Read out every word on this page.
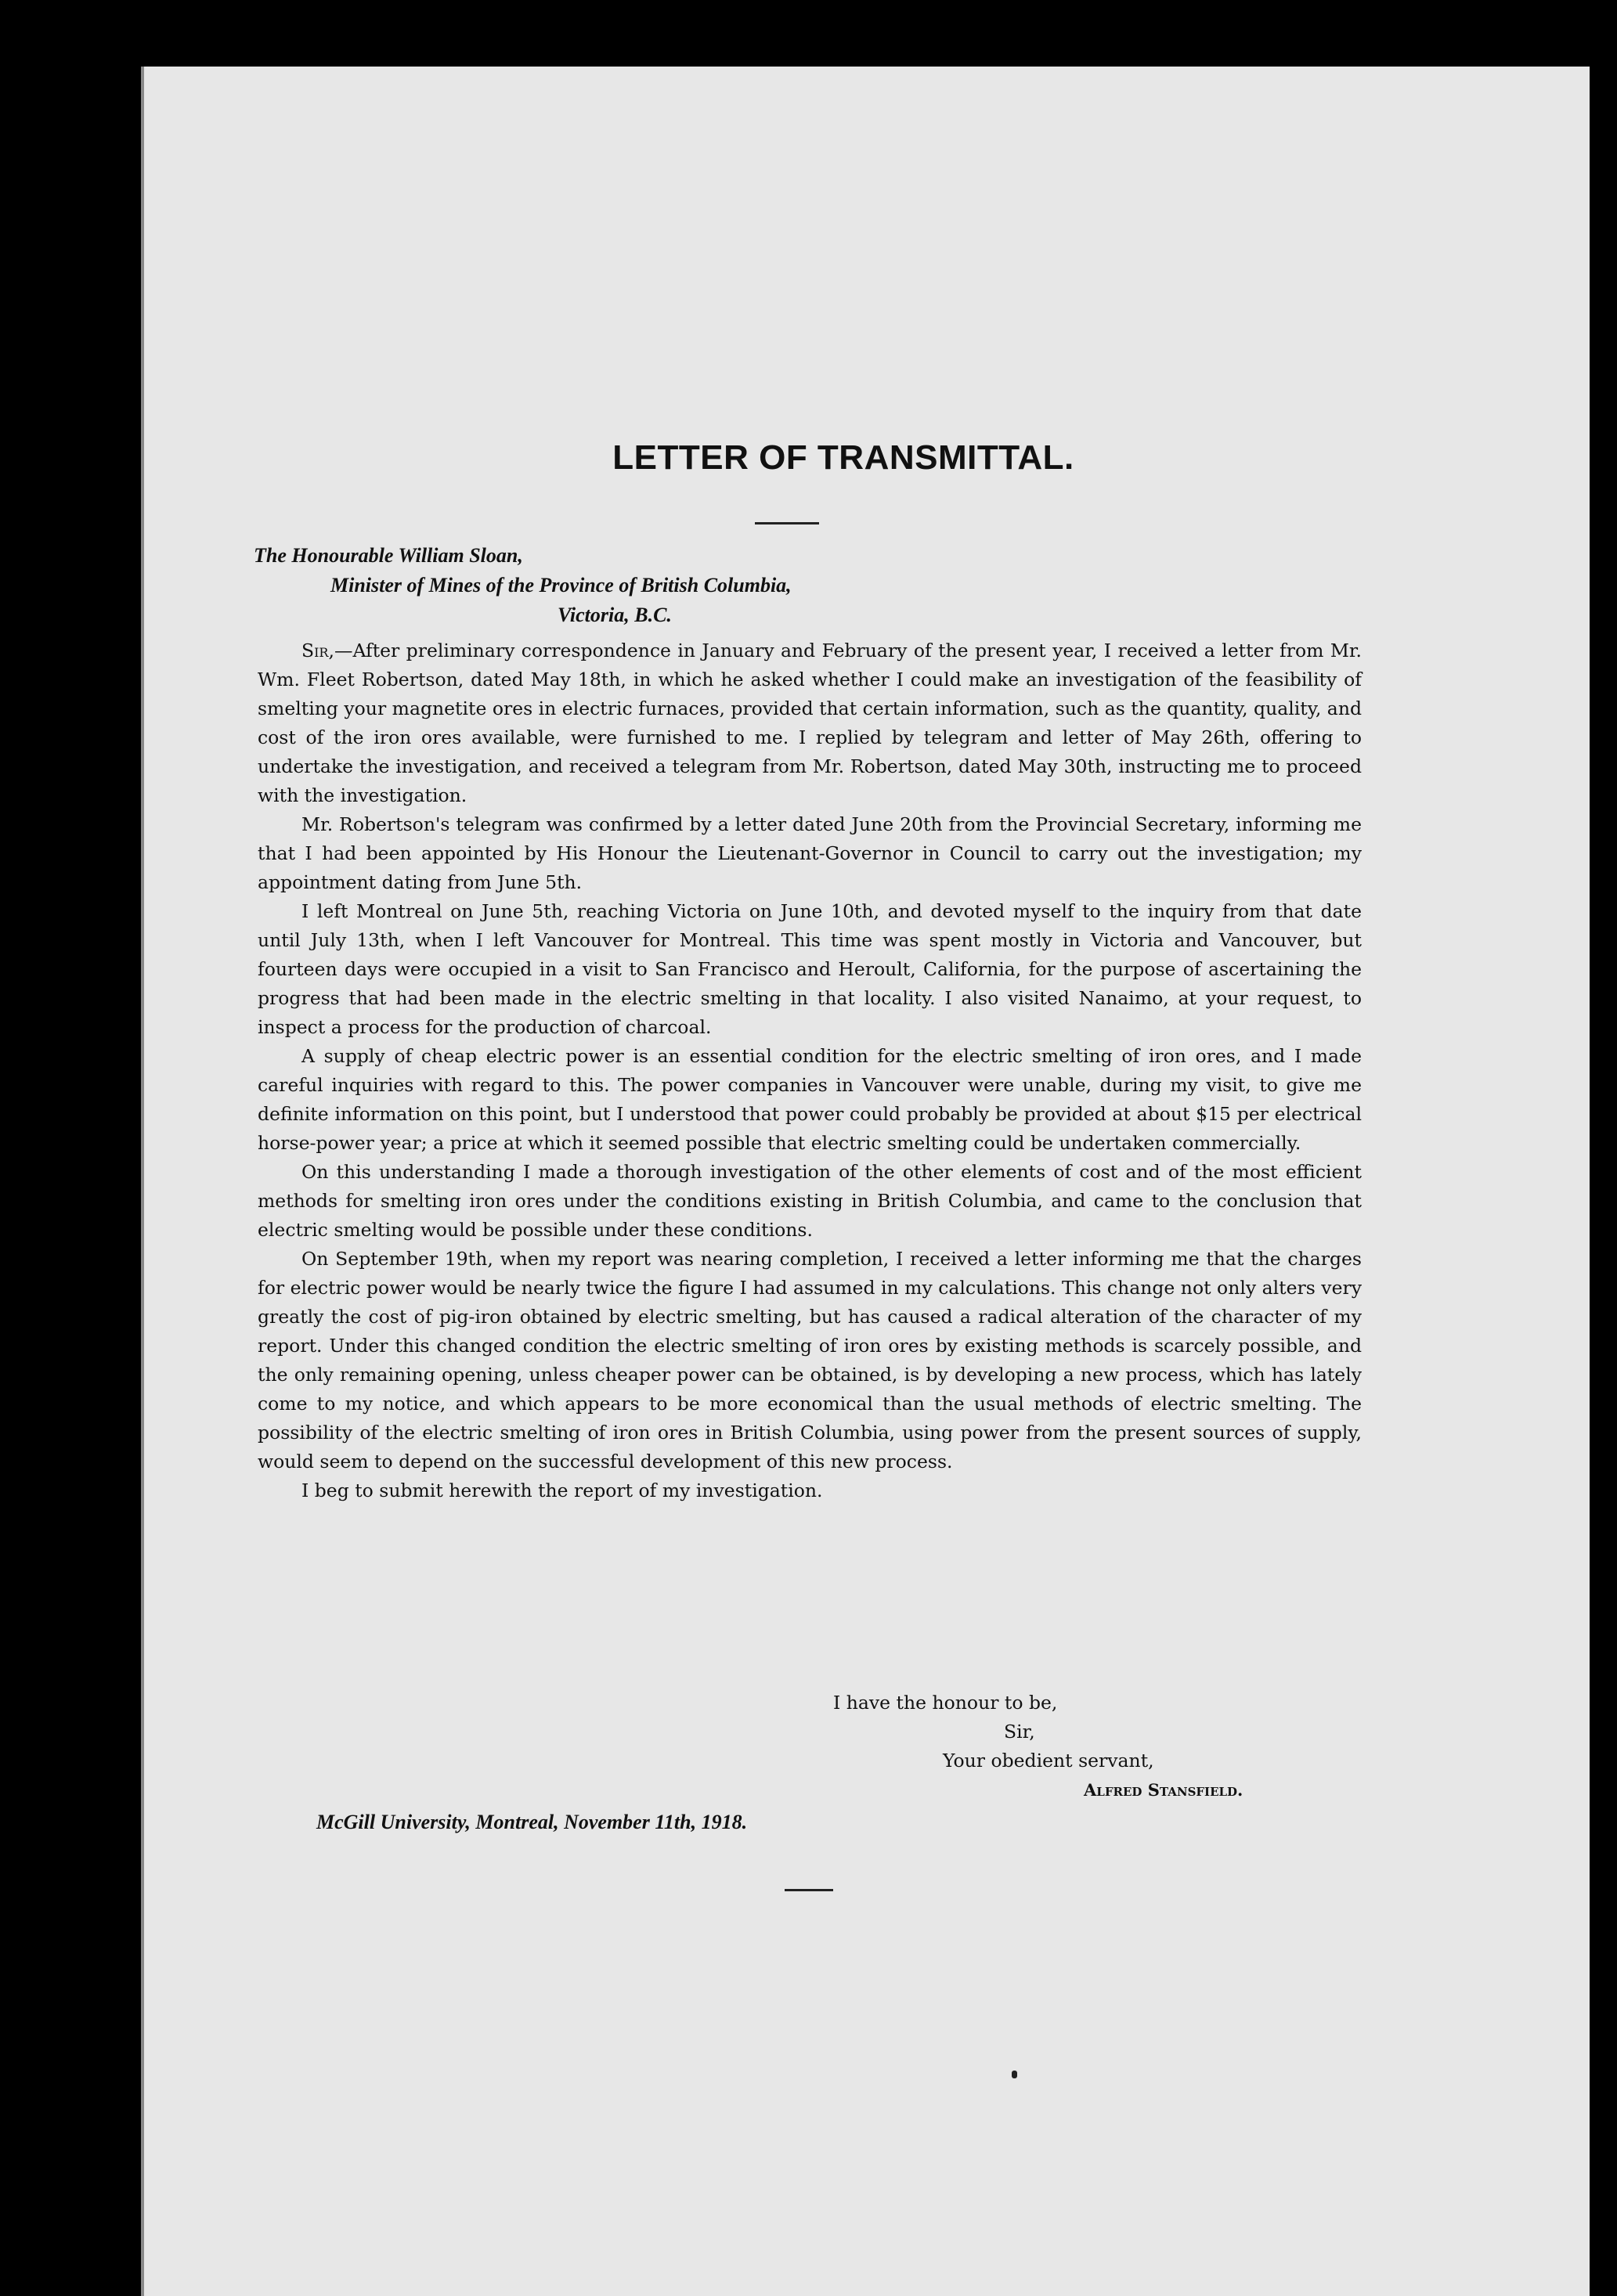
LETTER OF TRANSMITTAL.
The Honourable William Sloan,
Minister of Mines of the Province of British Columbia,
Victoria, B.C.

Sir,—After preliminary correspondence in January and February of the present year, I received a letter from Mr. Wm. Fleet Robertson, dated May 18th, in which he asked whether I could make an investigation of the feasibility of smelting your magnetite ores in electric furnaces, provided that certain information, such as the quantity, quality, and cost of the iron ores available, were furnished to me. I replied by telegram and letter of May 26th, offering to undertake the investigation, and received a telegram from Mr. Robertson, dated May 30th, instructing me to proceed with the investigation.

Mr. Robertson's telegram was confirmed by a letter dated June 20th from the Provincial Secretary, informing me that I had been appointed by His Honour the Lieutenant-Governor in Council to carry out the investigation; my appointment dating from June 5th.

I left Montreal on June 5th, reaching Victoria on June 10th, and devoted myself to the inquiry from that date until July 13th, when I left Vancouver for Montreal. This time was spent mostly in Victoria and Vancouver, but fourteen days were occupied in a visit to San Francisco and Heroult, California, for the purpose of ascertaining the progress that had been made in the electric smelting in that locality. I also visited Nanaimo, at your request, to inspect a process for the production of charcoal.

A supply of cheap electric power is an essential condition for the electric smelting of iron ores, and I made careful inquiries with regard to this. The power companies in Vancouver were unable, during my visit, to give me definite information on this point, but I understood that power could probably be provided at about $15 per electrical horse-power year; a price at which it seemed possible that electric smelting could be undertaken commercially.

On this understanding I made a thorough investigation of the other elements of cost and of the most efficient methods for smelting iron ores under the conditions existing in British Columbia, and came to the conclusion that electric smelting would be possible under these conditions.

On September 19th, when my report was nearing completion, I received a letter informing me that the charges for electric power would be nearly twice the figure I had assumed in my calculations. This change not only alters very greatly the cost of pig-iron obtained by electric smelting, but has caused a radical alteration of the character of my report. Under this changed condition the electric smelting of iron ores by existing methods is scarcely possible, and the only remaining opening, unless cheaper power can be obtained, is by developing a new process, which has lately come to my notice, and which appears to be more economical than the usual methods of electric smelting. The possibility of the electric smelting of iron ores in British Columbia, using power from the present sources of supply, would seem to depend on the successful development of this new process.

I beg to submit herewith the report of my investigation.

I have the honour to be,
Sir,
Your obedient servant,
Alfred Stansfield.
McGill University, Montreal, November 11th, 1918.
